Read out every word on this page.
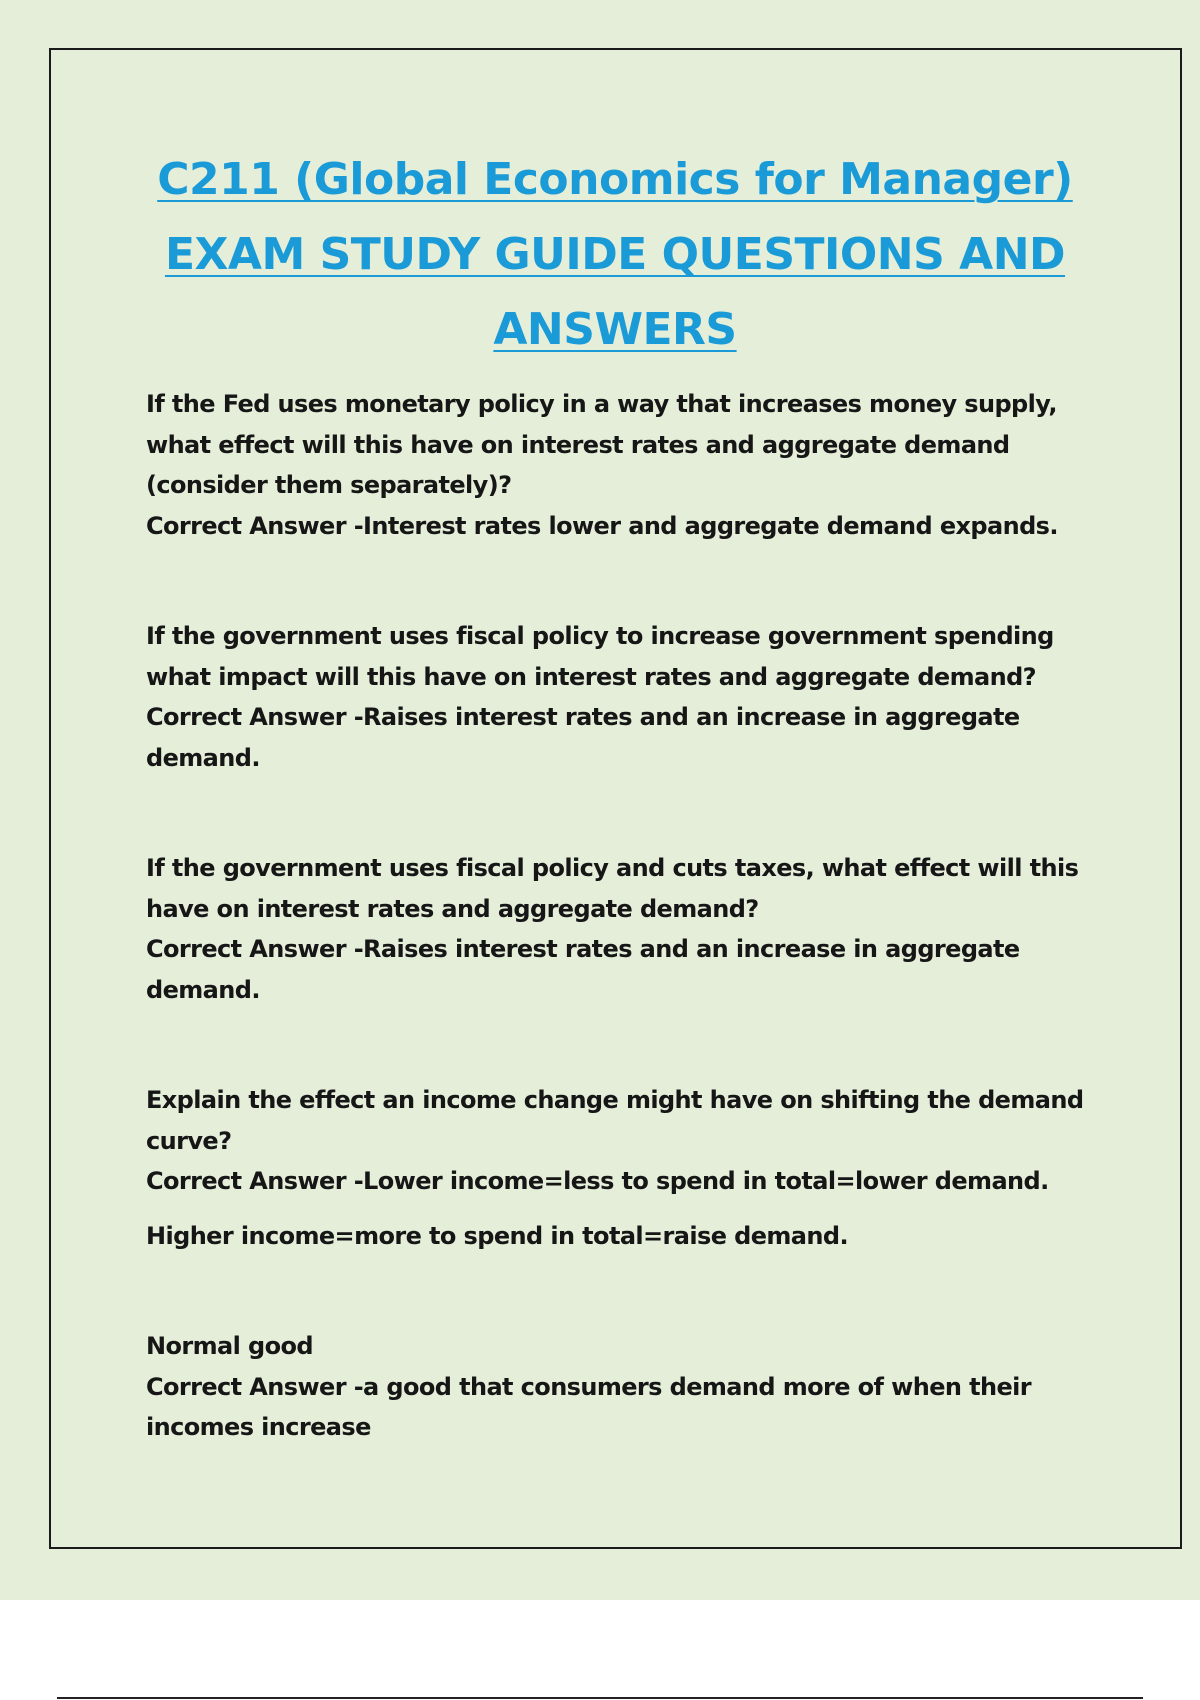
C211 (Global Economics for Manager)
EXAM STUDY GUIDE QUESTIONS AND
ANSWERS

If the Fed uses monetary policy in a way that increases money supply, what effect will this have on interest rates and aggregate demand (consider them separately)?

Correct Answer -Interest rates lower and aggregate demand expands.

If the government uses fiscal policy to increase government spending what impact will this have on interest rates and aggregate demand?

Correct Answer -Raises interest rates and an increase in aggregate demand.

If the government uses fiscal policy and cuts taxes, what effect will this have on interest rates and aggregate demand?

Correct Answer -Raises interest rates and an increase in aggregate demand.

Explain the effect an income change might have on shifting the demand curve?

Correct Answer -Lower income=less to spend in total=lower demand.

Higher income=more to spend in total=raise demand.

Normal good

Correct Answer -a good that consumers demand more of when their incomes increase
